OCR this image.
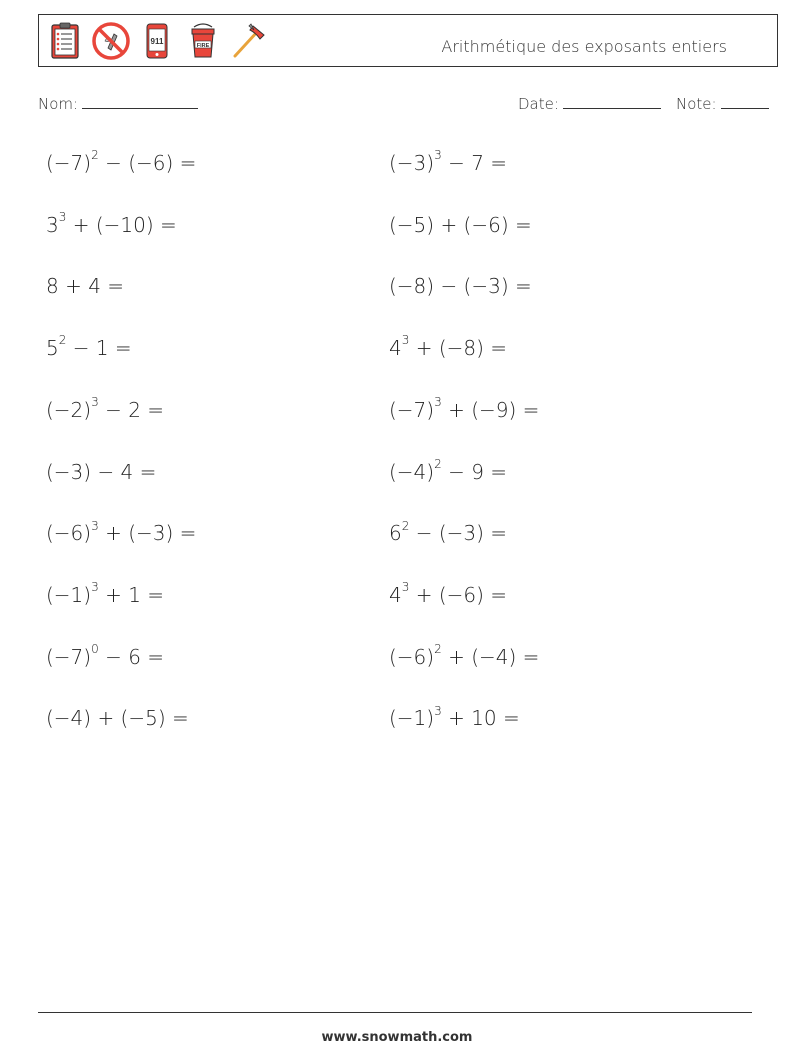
911	FIRE	Arithmétique des exposants entiers
Nom:	Date:	Note:
$(-7)^2 - (-6)$ =
$3^3 + (-10)$ =
8 + 4 =
$5^2 - 1$ =
$(-2)^3 - 2$ =
(−3) − 4 =
$(-6)^3 + (-3)$ =
$(-1)^3 + 1$ =
$(-7)^0 - 6$ =
(−4) + (−5) =
$(-3)^3 - 7$ =
(−5) + (−6) =
(−8) − (−3) =
$4^3 + (-8)$ =
$(-7)^3 + (-9)$ =
$(-4)^2 - 9$ =
$6^2 - (-3)$ =
$4^3 + (-6)$ =
$(-6)^2 + (-4)$ =
$(-1)^3 + 10$ =
www.snowmath.com
